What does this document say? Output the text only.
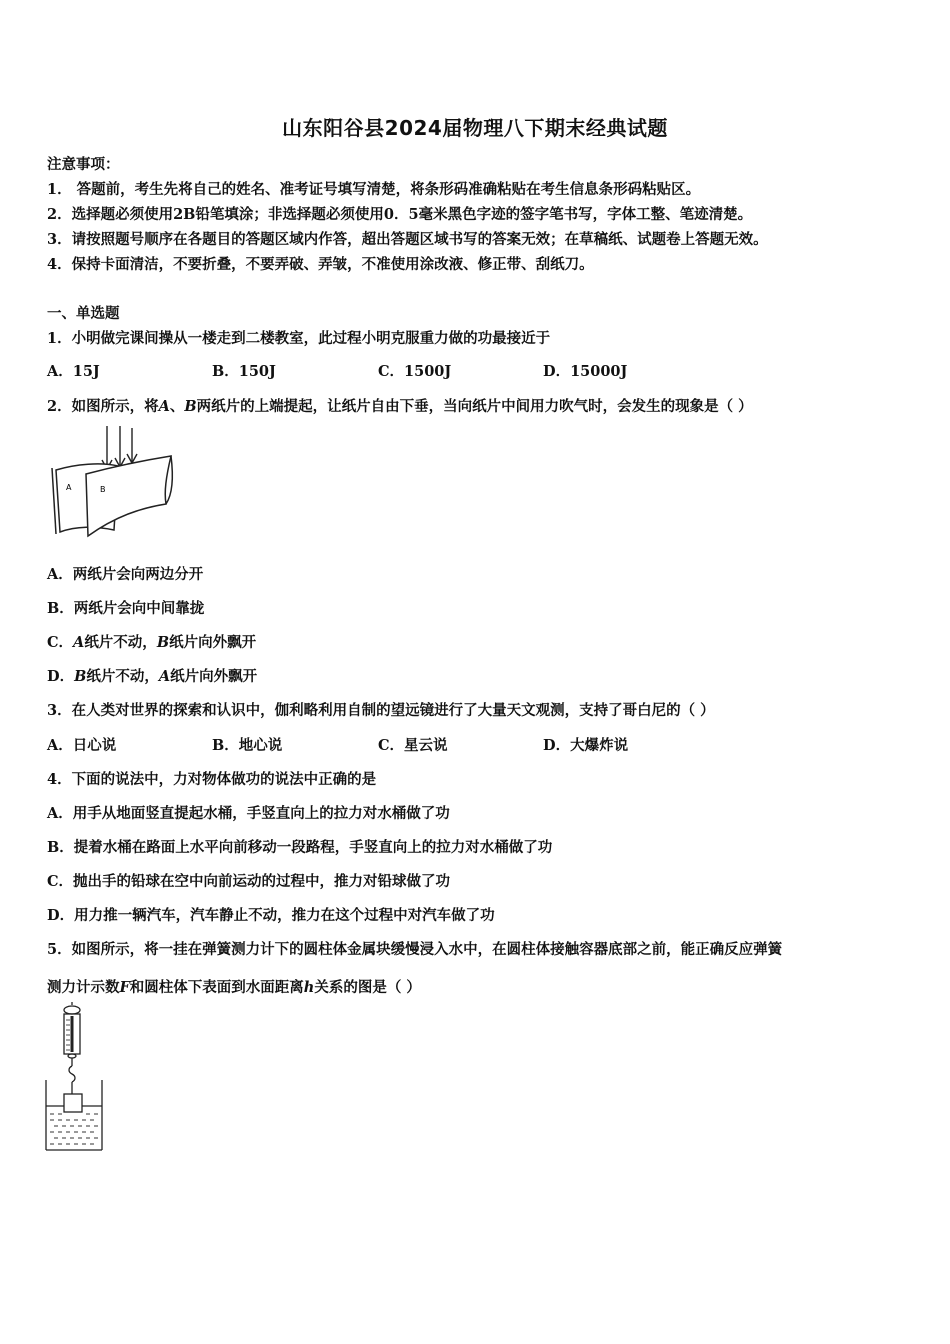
山东阳谷县2024届物理八下期末经典试题
注意事项：
1． 答题前，考生先将自己的姓名、准考证号填写清楚，将条形码准确粘贴在考生信息条形码粘贴区。
2．选择题必须使用2B铅笔填涂；非选择题必须使用0．5毫米黑色字迹的签字笔书写，字体工整、笔迹清楚。
3．请按照题号顺序在各题目的答题区域内作答，超出答题区域书写的答案无效；在草稿纸、试题卷上答题无效。
4．保持卡面清洁，不要折叠，不要弄破、弄皱，不准使用涂改液、修正带、刮纸刀。
一、单选题
1．小明做完课间操从一楼走到二楼教室，此过程小明克服重力做的功最接近于
A．15J	B．150J	C．1500J	D．15000J
2．如图所示，将A、B两纸片的上端提起，让纸片自由下垂，当向纸片中间用力吹气时，会发生的现象是（ ）
A	B
A．两纸片会向两边分开
B．两纸片会向中间靠拢
C．A纸片不动，B纸片向外飘开
D．B纸片不动，A纸片向外飘开
3．在人类对世界的探索和认识中，伽利略利用自制的望远镜进行了大量天文观测，支持了哥白尼的（ ）
A．日心说	B．地心说	C．星云说	D．大爆炸说
4．下面的说法中，力对物体做功的说法中正确的是
A．用手从地面竖直提起水桶，手竖直向上的拉力对水桶做了功
B．提着水桶在路面上水平向前移动一段路程，手竖直向上的拉力对水桶做了功
C．抛出手的铅球在空中向前运动的过程中，推力对铅球做了功
D．用力推一辆汽车，汽车静止不动，推力在这个过程中对汽车做了功
5．如图所示，将一挂在弹簧测力计下的圆柱体金属块缓慢浸入水中，在圆柱体接触容器底部之前，能正确反应弹簧
测力计示数F和圆柱体下表面到水面距离h关系的图是（ ）
